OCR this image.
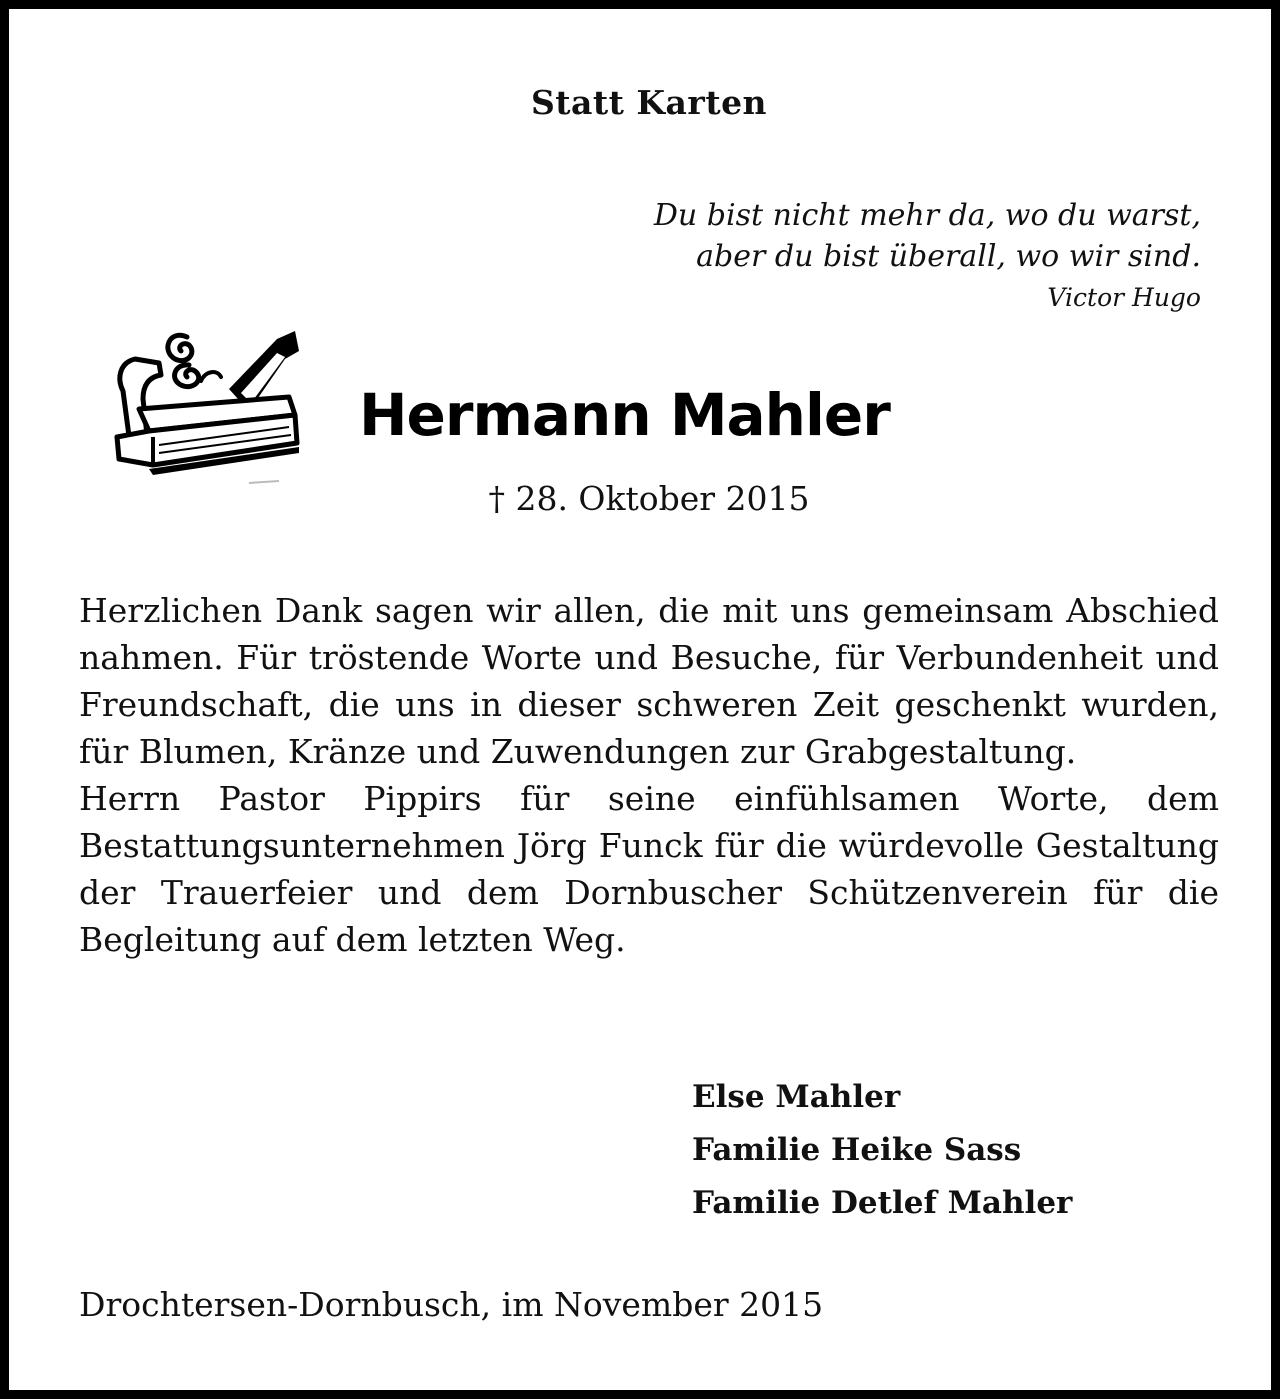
Statt Karten
Du bist nicht mehr da, wo du warst,
aber du bist überall, wo wir sind.
Victor Hugo
Hermann Mahler
† 28. Oktober 2015

Herzlichen Dank sagen wir allen, die mit uns gemeinsam Abschied nahmen. Für tröstende Worte und Besuche, für Verbundenheit und Freundschaft, die uns in dieser schweren Zeit geschenkt wurden, für Blumen, Kränze und Zuwendungen zur Grabgestaltung.

Herrn Pastor Pippirs für seine einfühlsamen Worte, dem Bestattungsunternehmen Jörg Funck für die würdevolle Gestaltung der Trauerfeier und dem Dornbuscher Schützenverein für die Begleitung auf dem letzten Weg.

Else Mahler
Familie Heike Sass
Familie Detlef Mahler
Drochtersen-Dornbusch, im November 2015
